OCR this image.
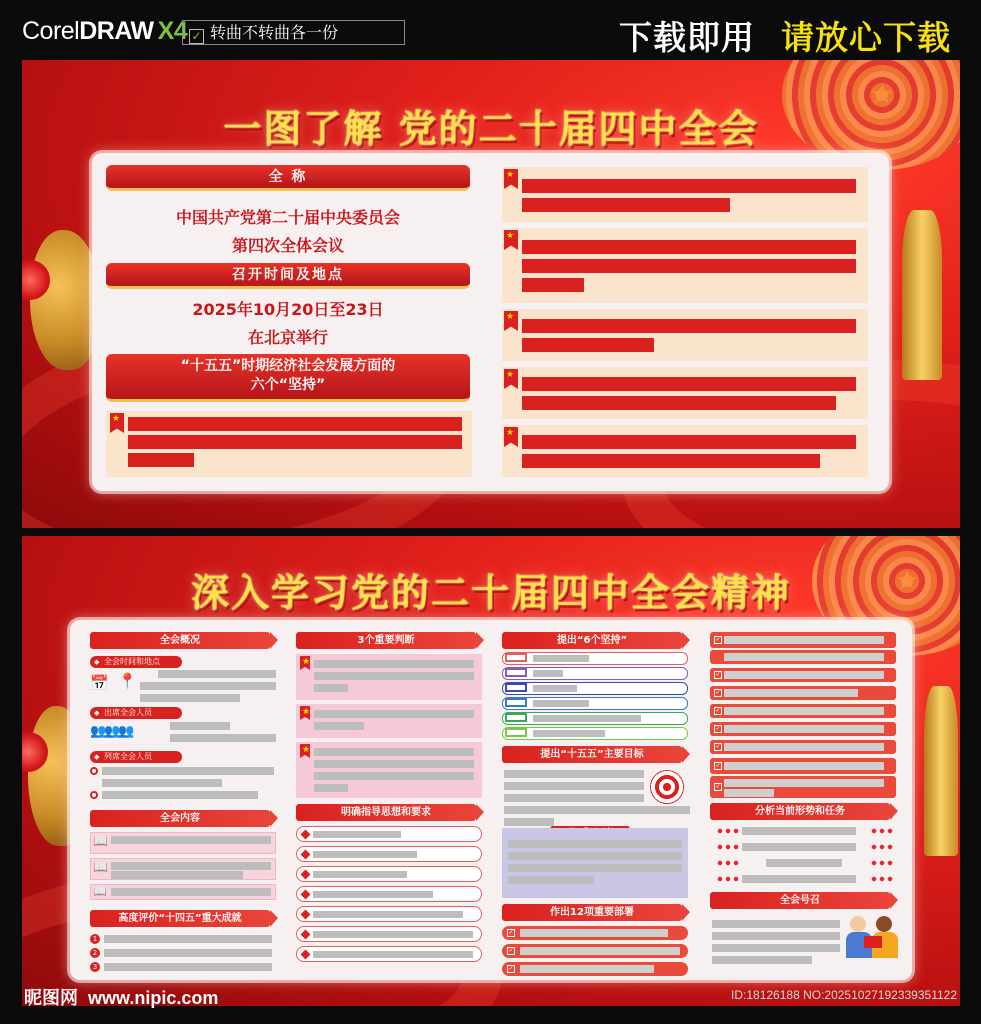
CorelDRAW X4 ✓ 转曲不转曲各一份	下载即用 请放心下载
★
一图了解 党的二十届四中全会
全 称
中国共产党第二十届中央委员会
第四次全体会议
召开时间及地点
2025年10月20日至23日
在北京举行
“十五五”时期经济社会发展方面的
六个“坚持”
★
★
★
★
★
★
★
深入学习党的二十届四中全会精神
全会概况
◆ 全会时间和地点
📅 📍
◆ 出席全会人员
👥👥👥
◆ 列席全会人员
全会内容
📖
📖
📖
高度评价“十四五”重大成就
1
2
3
3个重要判断
★
★
★
明确指导思想和要求
提出“6个坚持”
提出“十五五”主要目标
作出12项重要部署
✓
✓
✓
✓
✓
✓
✓
✓
✓
✓
✓
分析当前形势和任务
全会号召
昵图网 www.nipic.com	ID:18126188 NO:20251027192339351122
